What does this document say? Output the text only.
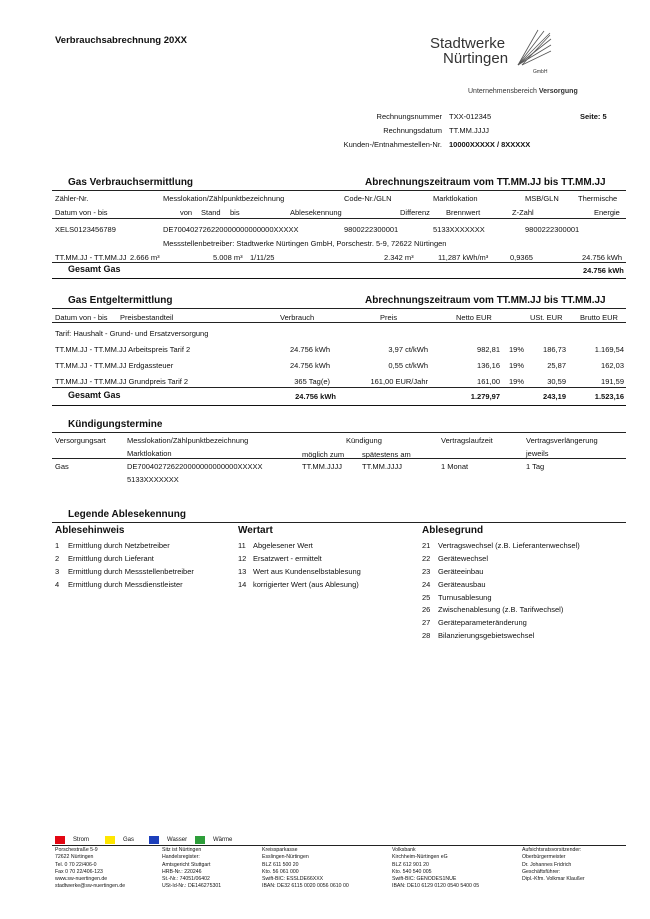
Verbrauchsabrechnung 20XX	Stadtwerke
Nürtingen
GmbH
Unternehmensbereich Versorgung
Rechnungsnummer TXX-012345	Seite: 5
Rechnungsdatum TT.MM.JJJJ
Kunden-/Entnahmestellen-Nr. 10000XXXXX / 8XXXXX
Gas Verbrauchsermittlung	Abrechnungszeitraum vom TT.MM.JJ bis TT.MM.JJ
Zähler-Nr.	Messlokation/Zählpunktbezeichnung	Code-Nr./GLN	Marktlokation	MSB/GLN	Thermische
Datum von - bis	von Stand bis	Ablesekennung	Differenz Brennwert	Z-Zahl	Energie
XELS0123456789	DE700402726220000000000000XXXXX	9800222300001	5133XXXXXXX	9800222300001
Messstellenbetreiber: Stadtwerke Nürtingen GmbH, Porschestr. 5-9, 72622 Nürtingen
TT.MM.JJ - TT.MM.JJ 2.666 m³	5.008 m³ 1/11/25	2.342 m³	11,287 kWh/m³	0,9365	24.756 kWh
Gesamt Gas	24.756 kWh
Gas Entgeltermittlung	Abrechnungszeitraum vom TT.MM.JJ bis TT.MM.JJ
Datum von - bis Preisbestandteil	Verbrauch	Preis	Netto EUR	USt. EUR Brutto EUR
Tarif: Haushalt - Grund- und Ersatzversorgung
TT.MM.JJ - TT.MM.JJ Arbeitspreis Tarif 2	24.756 kWh	3,97 ct/kWh	982,81 19%	186,73	1.169,54
TT.MM.JJ - TT.MM.JJ Erdgassteuer	24.756 kWh	0,55 ct/kWh	136,16 19%	25,87	162,03
TT.MM.JJ - TT.MM.JJ Grundpreis Tarif 2	365 Tag(e)	161,00 EUR/Jahr	161,00 19%	30,59	191,59
Gesamt Gas	24.756 kWh	1.279,97	243,19	1.523,16
Kündigungstermine
Versorgungsart	Messlokation/Zählpunktbezeichnung	Kündigung	Vertragslaufzeit	Vertragsverlängerung
Marktlokation	möglich zum spätestens am	jeweils
Gas	DE700402726220000000000000XXXXX
5133XXXXXXX
TT.MM.JJJJ	TT.MM.JJJJ	1 Monat	1 Tag
Legende Ablesekennung
Ablesehinweis
1	Ermittlung durch Netzbetreiber
2	Ermittlung durch Lieferant
3	Ermittlung durch Messstellenbetreiber
4	Ermittlung durch Messdienstleister
Wertart
11 Abgelesener Wert
12 Ersatzwert - ermittelt
13 Wert aus Kundenselbstablesung
14 korrigierter Wert (aus Ablesung)
Ablesegrund
21	Vertragswechsel (z.B. Lieferantenwechsel)
22	Gerätewechsel
23	Geräteeinbau
24	Geräteausbau
25	Turnusablesung
26	Zwischenablesung (z.B. Tarifwechsel)
27	Geräteparameteränderung
28	Bilanzierungsgebietswechsel
Strom	Gas	Wasser	Wärme
Porschestraße 5-9
72622 Nürtingen
Tel. 0 70 22/406-0
Fax 0 70 22/406-123
www.sw-nuertingen.de
stadtwerke@sw-nuertingen.de
Sitz ist Nürtingen
Handelsregister:
Amtsgericht Stuttgart
HRB-Nr.: 220246
St.-Nr.: 74051/06402
USt-Id-Nr.: DE146275301
Kreissparkasse
Esslingen-Nürtingen
BLZ 611 500 20
Kto. 56 061 000
Swift-BIC: ESSLDE66XXX
IBAN: DE32 6115 0020 0056 0610 00
Volksbank
Kirchheim-Nürtingen eG
BLZ 612 901 20
Kto. 540 540 005
Swift-BIC: GENODES1NUE
IBAN: DE10 6129 0120 0540 5400 05
Aufsichtsratsvorsitzender:
Oberbürgermeister
Dr. Johannes Fridrich
Geschäftsführer:
Dipl.-Kfm. Volkmar Klaußer
